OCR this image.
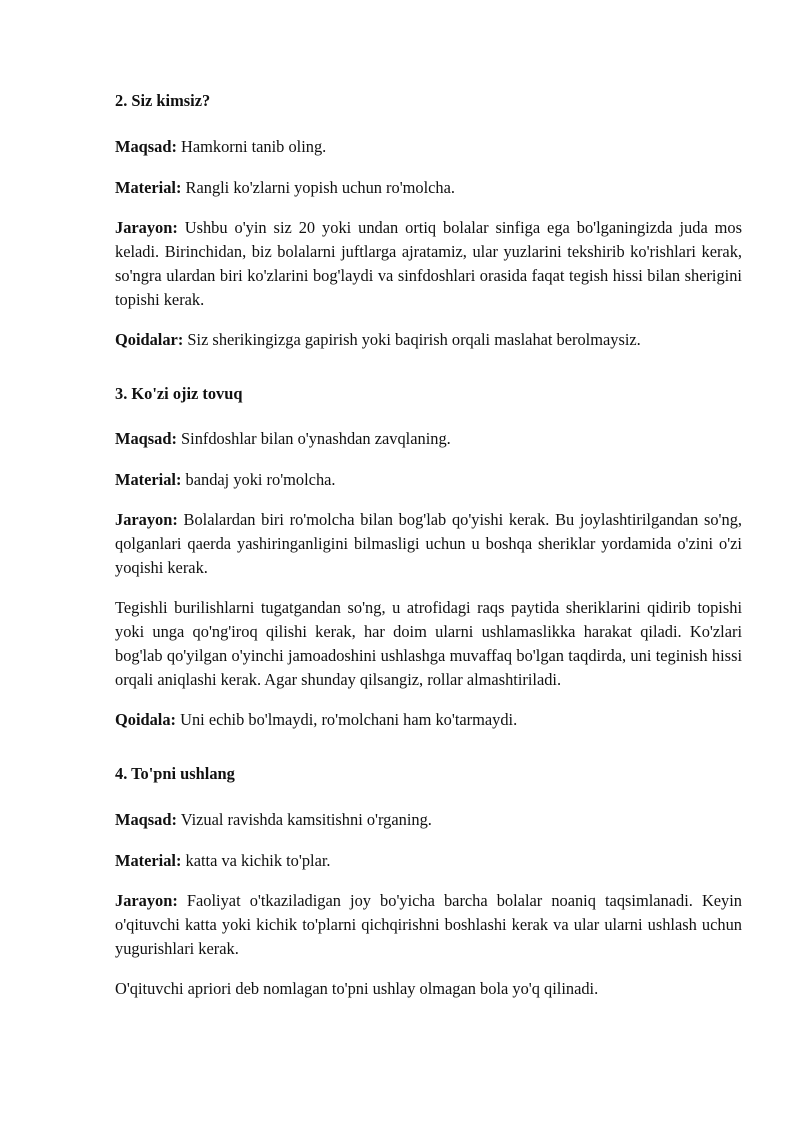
2. Siz kimsiz?

Maqsad: Hamkorni tanib oling.

Material: Rangli ko'zlarni yopish uchun ro'molcha.

Jarayon: Ushbu o'yin siz 20 yoki undan ortiq bolalar sinfiga ega bo'lganingizda juda mos keladi. Birinchidan, biz bolalarni juftlarga ajratamiz, ular yuzlarini tekshirib ko'rishlari kerak, so'ngra ulardan biri ko'zlarini bog'laydi va sinfdoshlari orasida faqat tegish hissi bilan sherigini topishi kerak.

Qoidalar: Siz sherikingizga gapirish yoki baqirish orqali maslahat berolmaysiz.

3. Ko'zi ojiz tovuq

Maqsad: Sinfdoshlar bilan o'ynashdan zavqlaning.

Material: bandaj yoki ro'molcha.

Jarayon: Bolalardan biri ro'molcha bilan bog'lab qo'yishi kerak. Bu joylashtirilgandan so'ng, qolganlari qaerda yashiringanligini bilmasligi uchun u boshqa sheriklar yordamida o'zini o'zi yoqishi kerak.

Tegishli burilishlarni tugatgandan so'ng, u atrofidagi raqs paytida sheriklarini qidirib topishi yoki unga qo'ng'iroq qilishi kerak, har doim ularni ushlamaslikka harakat qiladi. Ko'zlari bog'lab qo'yilgan o'yinchi jamoadoshini ushlashga muvaffaq bo'lgan taqdirda, uni teginish hissi orqali aniqlashi kerak. Agar shunday qilsangiz, rollar almashtiriladi.

Qoidala: Uni echib bo'lmaydi, ro'molchani ham ko'tarmaydi.

4. To'pni ushlang

Maqsad: Vizual ravishda kamsitishni o'rganing.

Material: katta va kichik to'plar.

Jarayon: Faoliyat o'tkaziladigan joy bo'yicha barcha bolalar noaniq taqsimlanadi. Keyin o'qituvchi katta yoki kichik to'plarni qichqirishni boshlashi kerak va ular ularni ushlash uchun yugurishlari kerak.

O'qituvchi apriori deb nomlagan to'pni ushlay olmagan bola yo'q qilinadi.
